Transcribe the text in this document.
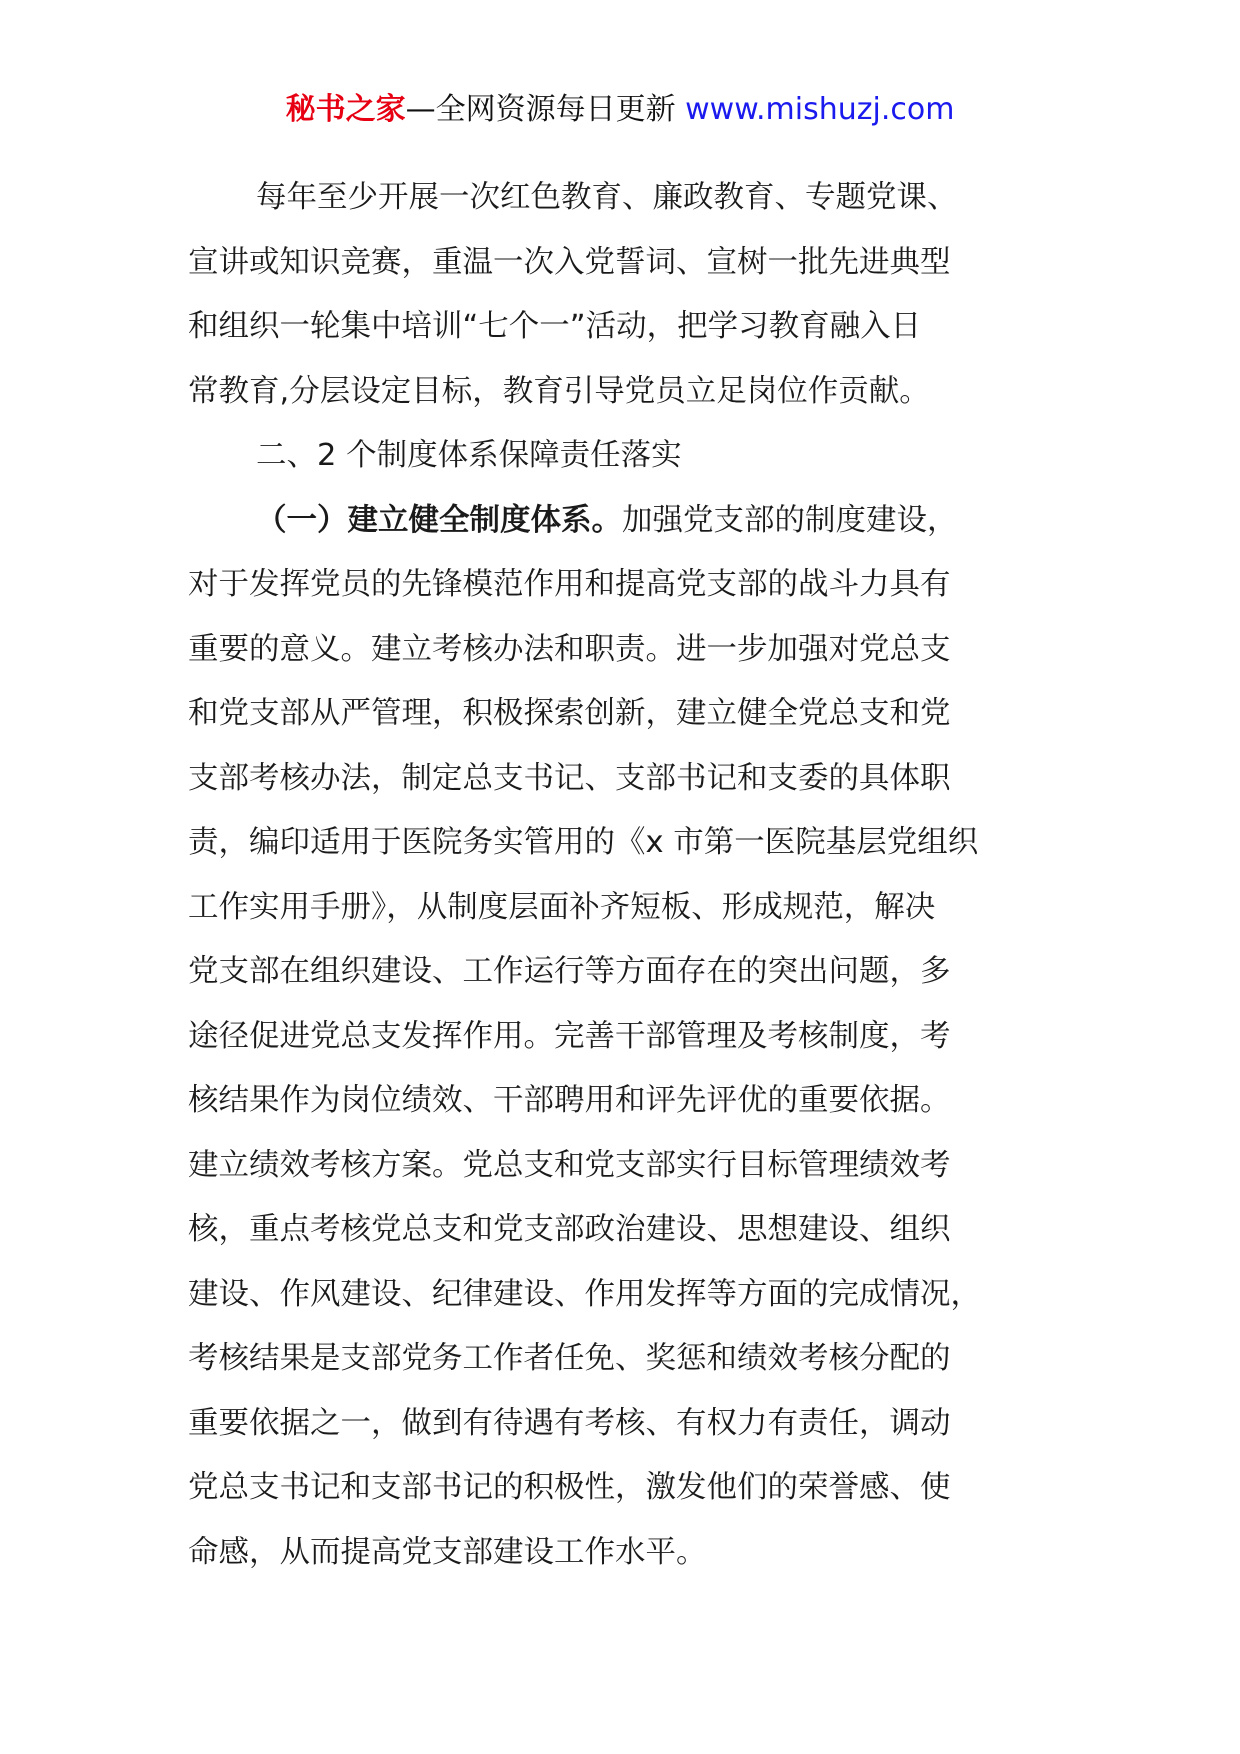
秘书之家—全网资源每日更新 www.mishuzj.com
每年至少开展一次红色教育、廉政教育、专题党课、
宣讲或知识竞赛，重温一次入党誓词、宣树一批先进典型
和组织一轮集中培训“七个一”活动，把学习教育融入日
常教育,分层设定目标，教育引导党员立足岗位作贡献。
二、2 个制度体系保障责任落实
（一）建立健全制度体系。加强党支部的制度建设，
对于发挥党员的先锋模范作用和提高党支部的战斗力具有
重要的意义。建立考核办法和职责。进一步加强对党总支
和党支部从严管理，积极探索创新，建立健全党总支和党
支部考核办法，制定总支书记、支部书记和支委的具体职
责，编印适用于医院务实管用的《x 市第一医院基层党组织
工作实用手册》，从制度层面补齐短板、形成规范，解决
党支部在组织建设、工作运行等方面存在的突出问题，多
途径促进党总支发挥作用。完善干部管理及考核制度，考
核结果作为岗位绩效、干部聘用和评先评优的重要依据。
建立绩效考核方案。党总支和党支部实行目标管理绩效考
核，重点考核党总支和党支部政治建设、思想建设、组织
建设、作风建设、纪律建设、作用发挥等方面的完成情况，
考核结果是支部党务工作者任免、奖惩和绩效考核分配的
重要依据之一，做到有待遇有考核、有权力有责任，调动
党总支书记和支部书记的积极性，激发他们的荣誉感、使
命感，从而提高党支部建设工作水平。
